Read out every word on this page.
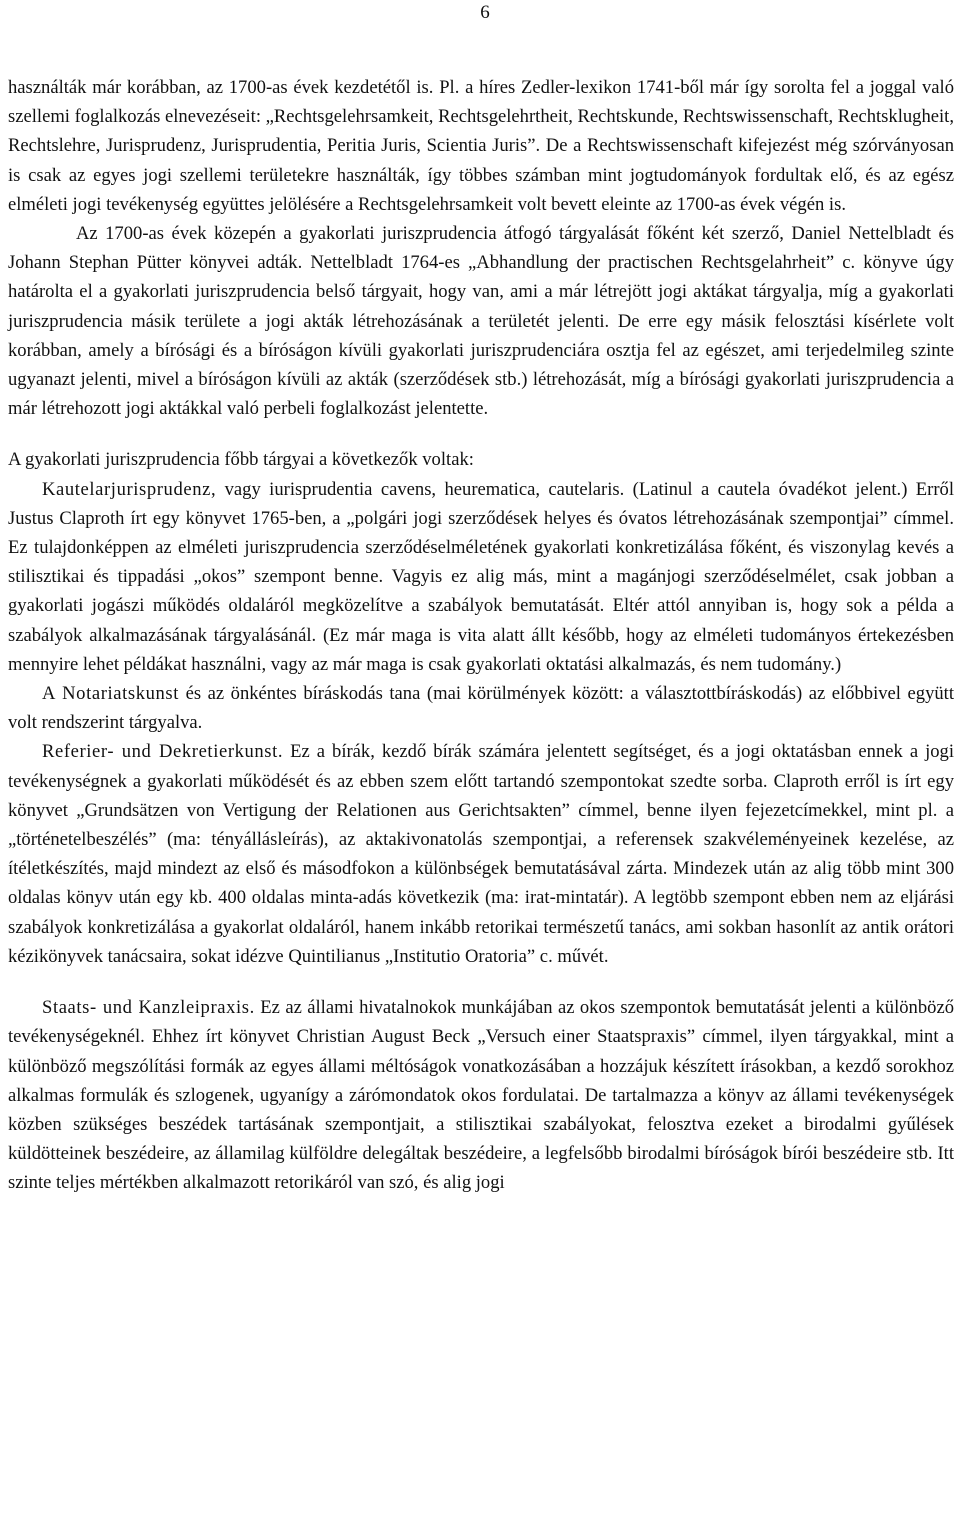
6

használták már korábban, az 1700-as évek kezdetétől is. Pl. a híres Zedler-lexikon 1741-ből már így sorolta fel a joggal való szellemi foglalkozás elnevezéseit: „Rechtsgelehrsamkeit, Rechtsgelehrtheit, Rechtskunde, Rechtswissenschaft, Rechtsklugheit, Rechtslehre, Jurisprudenz, Jurisprudentia, Peritia Juris, Scientia Juris”. De a Rechtswissenschaft kifejezést még szórványosan is csak az egyes jogi szellemi területekre használták, így többes számban mint jogtudományok fordultak elő, és az egész elméleti jogi tevékenység együttes jelölésére a Rechtsgelehrsamkeit volt bevett eleinte az 1700-as évek végén is.

Az 1700-as évek közepén a gyakorlati juriszprudencia átfogó tárgyalását főként két szerző, Daniel Nettelbladt és Johann Stephan Pütter könyvei adták. Nettelbladt 1764-es „Abhandlung der practischen Rechtsgelahrheit” c. könyve úgy határolta el a gyakorlati juriszprudencia belső tárgyait, hogy van, ami a már létrejött jogi aktákat tárgyalja, míg a gyakorlati juriszprudencia másik területe a jogi akták létrehozásának a területét jelenti. De erre egy másik felosztási kísérlete volt korábban, amely a bírósági és a bíróságon kívüli gyakorlati juriszprudenciára osztja fel az egészet, ami terjedelmileg szinte ugyanazt jelenti, mivel a bíróságon kívüli az akták (szerződések stb.) létrehozását, míg a bírósági gyakorlati juriszprudencia a már létrehozott jogi aktákkal való perbeli foglalkozást jelentette.

A gyakorlati juriszprudencia főbb tárgyai a következők voltak:

Kautelarjurisprudenz, vagy iurisprudentia cavens, heurematica, cautelaris. (Latinul a cautela óvadékot jelent.) Erről Justus Claproth írt egy könyvet 1765-ben, a „polgári jogi szerződések helyes és óvatos létrehozásának szempontjai” címmel. Ez tulajdonképpen az elméleti juriszprudencia szerződéselméletének gyakorlati konkretizálása főként, és viszonylag kevés a stilisztikai és tippadási „okos” szempont benne. Vagyis ez alig más, mint a magánjogi szerződéselmélet, csak jobban a gyakorlati jogászi működés oldaláról megközelítve a szabályok bemutatását. Eltér attól annyiban is, hogy sok a példa a szabályok alkalmazásának tárgyalásánál. (Ez már maga is vita alatt állt később, hogy az elméleti tudományos értekezésben mennyire lehet példákat használni, vagy az már maga is csak gyakorlati oktatási alkalmazás, és nem tudomány.)

A Notariatskunst és az önkéntes bíráskodás tana (mai körülmények között: a választottbíráskodás) az előbbivel együtt volt rendszerint tárgyalva.

Referier- und Dekretierkunst. Ez a bírák, kezdő bírák számára jelentett segítséget, és a jogi oktatásban ennek a jogi tevékenységnek a gyakorlati működését és az ebben szem előtt tartandó szempontokat szedte sorba. Claproth erről is írt egy könyvet „Grundsätzen von Vertigung der Relationen aus Gerichtsakten” címmel, benne ilyen fejezetcímekkel, mint pl. a „történetelbeszélés” (ma: tényállásleírás), az aktakivonatolás szempontjai, a referensek szakvéleményeinek kezelése, az ítéletkészítés, majd mindezt az első és másodfokon a különbségek bemutatásával zárta. Mindezek után az alig több mint 300 oldalas könyv után egy kb. 400 oldalas minta-adás következik (ma: irat-mintatár). A legtöbb szempont ebben nem az eljárási szabályok konkretizálása a gyakorlat oldaláról, hanem inkább retorikai természetű tanács, ami sokban hasonlít az antik orátori kézikönyvek tanácsaira, sokat idézve Quintilianus „Institutio Oratoria” c. művét.

Staats- und Kanzleipraxis. Ez az állami hivatalnokok munkájában az okos szempontok bemutatását jelenti a különböző tevékenységeknél. Ehhez írt könyvet Christian August Beck „Versuch einer Staatspraxis” címmel, ilyen tárgyakkal, mint a különböző megszólítási formák az egyes állami méltóságok vonatkozásában a hozzájuk készített írásokban, a kezdő sorokhoz alkalmas formulák és szlogenek, ugyanígy a zárómondatok okos fordulatai. De tartalmazza a könyv az állami tevékenységek közben szükséges beszédek tartásának szempontjait, a stilisztikai szabályokat, felosztva ezeket a birodalmi gyűlések küldötteinek beszédeire, az államilag külföldre delegáltak beszédeire, a legfelsőbb birodalmi bíróságok bírói beszédeire stb. Itt szinte teljes mértékben alkalmazott retorikáról van szó, és alig jogi
